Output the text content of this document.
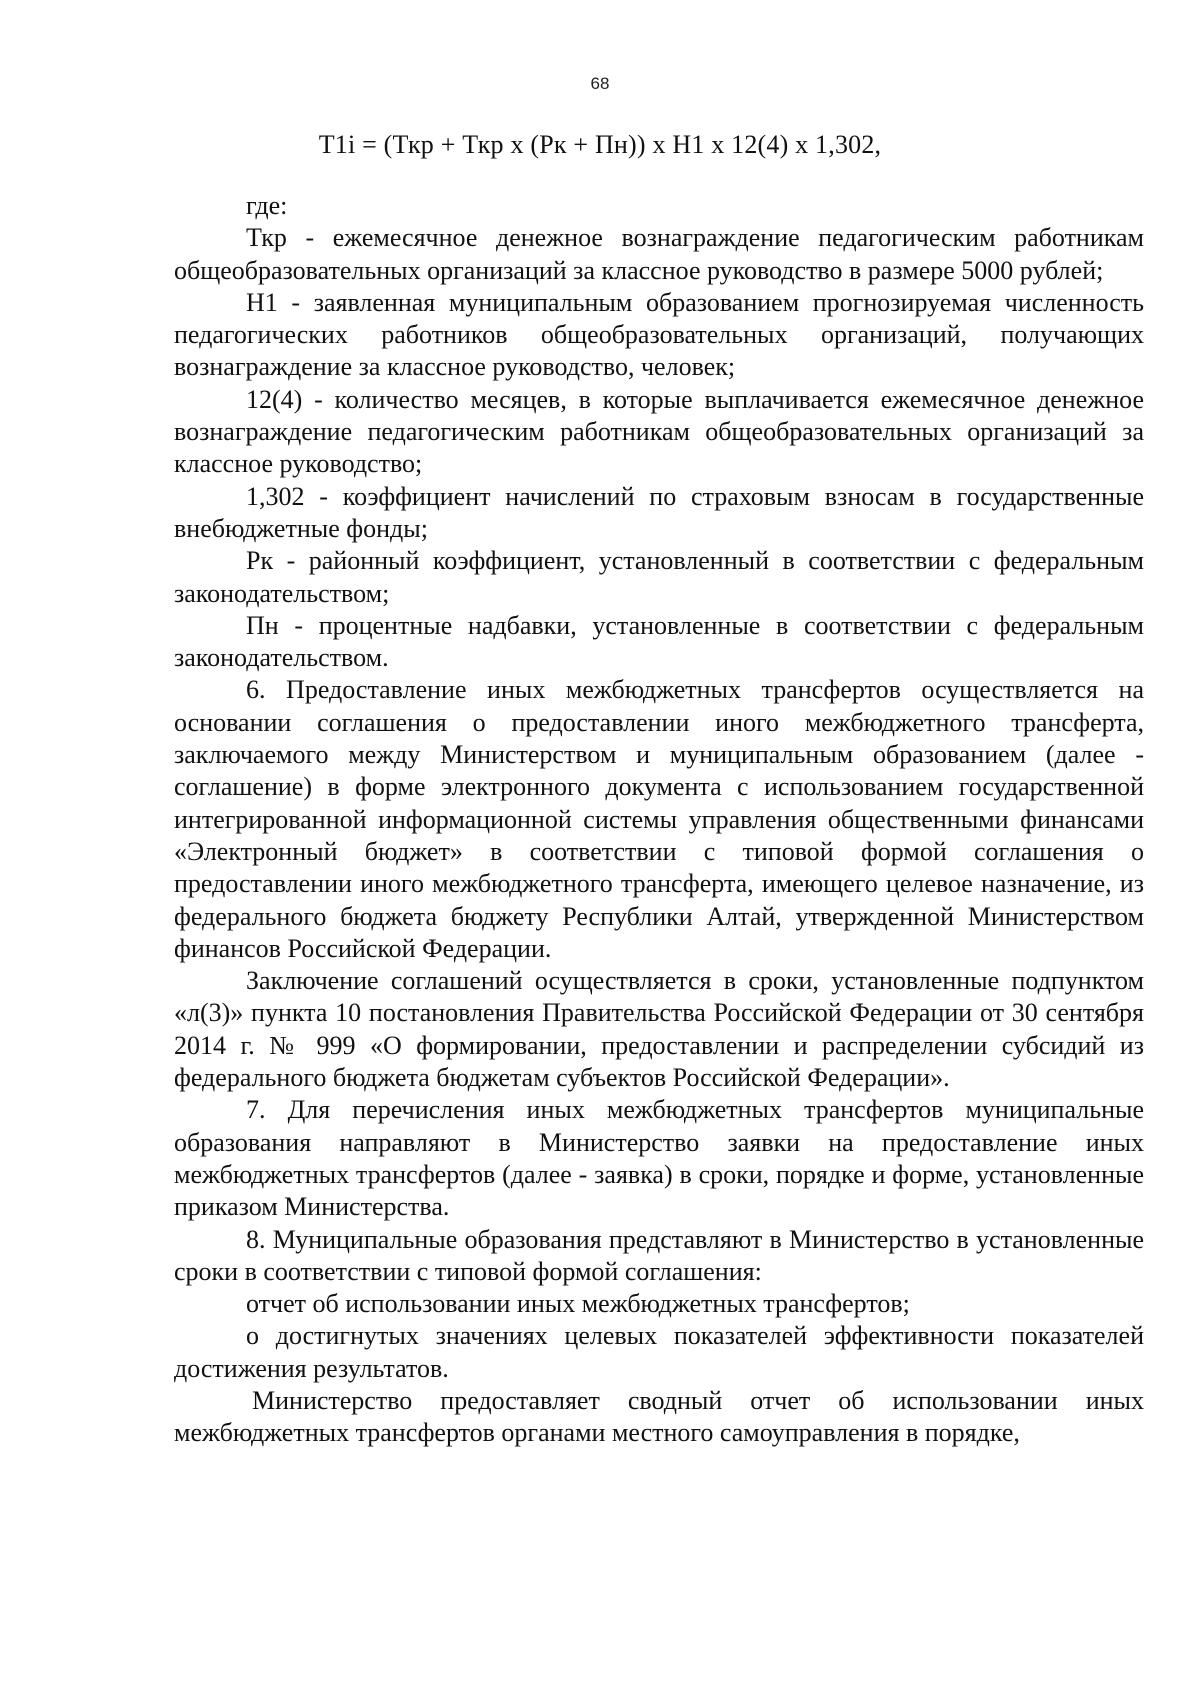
68
T1i = (Ткр + Ткр x (Рк + Пн)) x Н1 x 12(4) x 1,302,

где:

Ткр - ежемесячное денежное вознаграждение педагогическим работникам общеобразовательных организаций за классное руководство в размере 5000 рублей;

Н1 - заявленная муниципальным образованием прогнозируемая численность педагогических работников общеобразовательных организаций, получающих вознаграждение за классное руководство, человек;

12(4) - количество месяцев, в которые выплачивается ежемесячное денежное вознаграждение педагогическим работникам общеобразовательных организаций за классное руководство;

1,302 - коэффициент начислений по страховым взносам в государственные внебюджетные фонды;

Рк - районный коэффициент, установленный в соответствии с федеральным законодательством;

Пн - процентные надбавки, установленные в соответствии с федеральным законодательством.

6. Предоставление иных межбюджетных трансфертов осуществляется на основании соглашения о предоставлении иного межбюджетного трансферта, заключаемого между Министерством и муниципальным образованием (далее - соглашение) в форме электронного документа с использованием государственной интегрированной информационной системы управления общественными финансами «Электронный бюджет» в соответствии с типовой формой соглашения о предоставлении иного межбюджетного трансферта, имеющего целевое назначение, из федерального бюджета бюджету Республики Алтай, утвержденной Министерством финансов Российской Федерации.

Заключение соглашений осуществляется в сроки, установленные подпунктом «л(3)» пункта 10 постановления Правительства Российской Федерации от 30 сентября 2014 г. № 999 «О формировании, предоставлении и распределении субсидий из федерального бюджета бюджетам субъектов Российской Федерации».

7. Для перечисления иных межбюджетных трансфертов муниципальные образования направляют в Министерство заявки на предоставление иных межбюджетных трансфертов (далее - заявка) в сроки, порядке и форме, установленные приказом Министерства.

8. Муниципальные образования представляют в Министерство в установленные сроки в соответствии с типовой формой соглашения:

отчет об использовании иных межбюджетных трансфертов;

о достигнутых значениях целевых показателей эффективности показателей достижения результатов.

Министерство предоставляет сводный отчет об использовании иных межбюджетных трансфертов органами местного самоуправления в порядке,
